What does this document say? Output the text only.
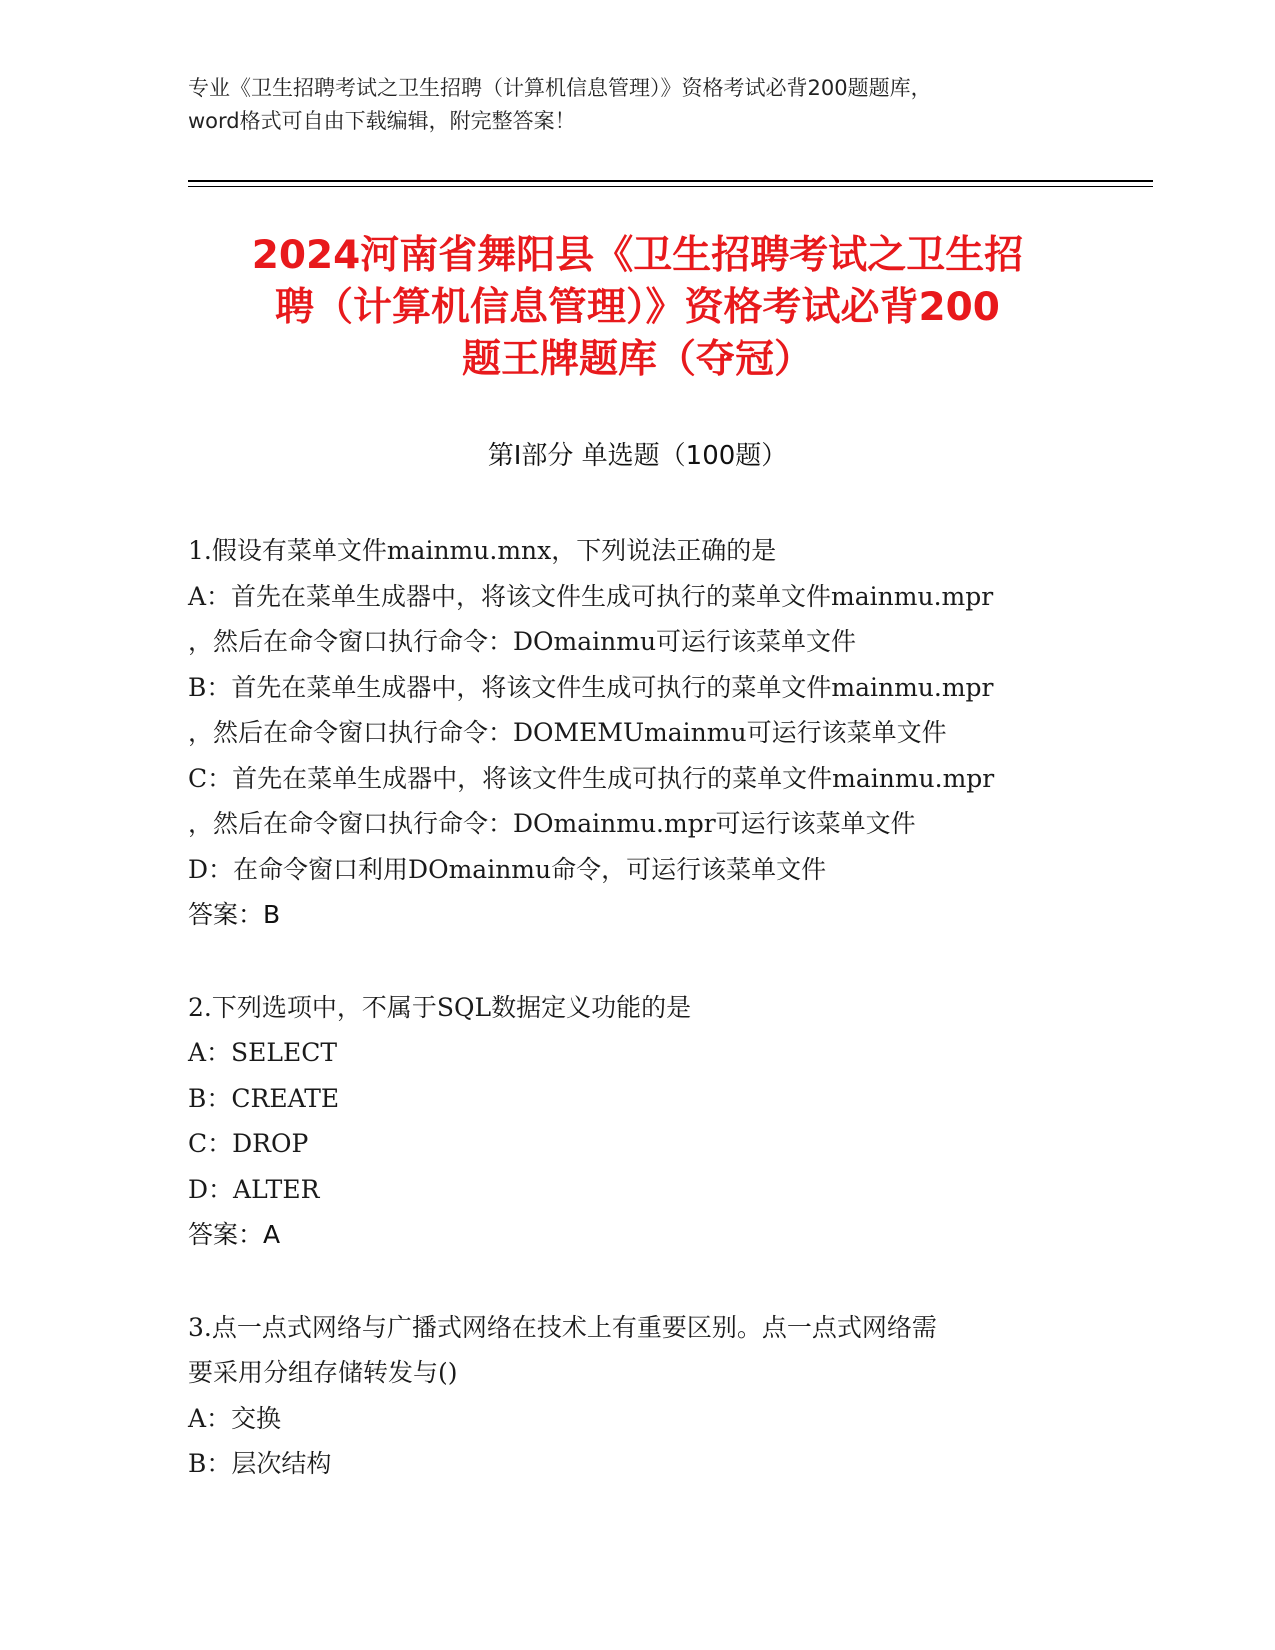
专业《卫生招聘考试之卫生招聘（计算机信息管理）》资格考试必背200题题库，
word格式可自由下载编辑，附完整答案！
2024河南省舞阳县《卫生招聘考试之卫生招
聘（计算机信息管理）》资格考试必背200
题王牌题库（夺冠）
第Ⅰ部分 单选题（100题）
1.假设有菜单文件mainmu.mnx，下列说法正确的是
A：首先在菜单生成器中，将该文件生成可执行的菜单文件mainmu.mpr
，然后在命令窗口执行命令：DOmainmu可运行该菜单文件
B：首先在菜单生成器中，将该文件生成可执行的菜单文件mainmu.mpr
，然后在命令窗口执行命令：DOMEMUmainmu可运行该菜单文件
C：首先在菜单生成器中，将该文件生成可执行的菜单文件mainmu.mpr
，然后在命令窗口执行命令：DOmainmu.mpr可运行该菜单文件
D：在命令窗口利用DOmainmu命令，可运行该菜单文件
答案：B
2.下列选项中，不属于SQL数据定义功能的是
A：SELECT
B：CREATE
C：DROP
D：ALTER
答案：A
3.点一点式网络与广播式网络在技术上有重要区别。点一点式网络需
要采用分组存储转发与()
A：交换
B：层次结构
